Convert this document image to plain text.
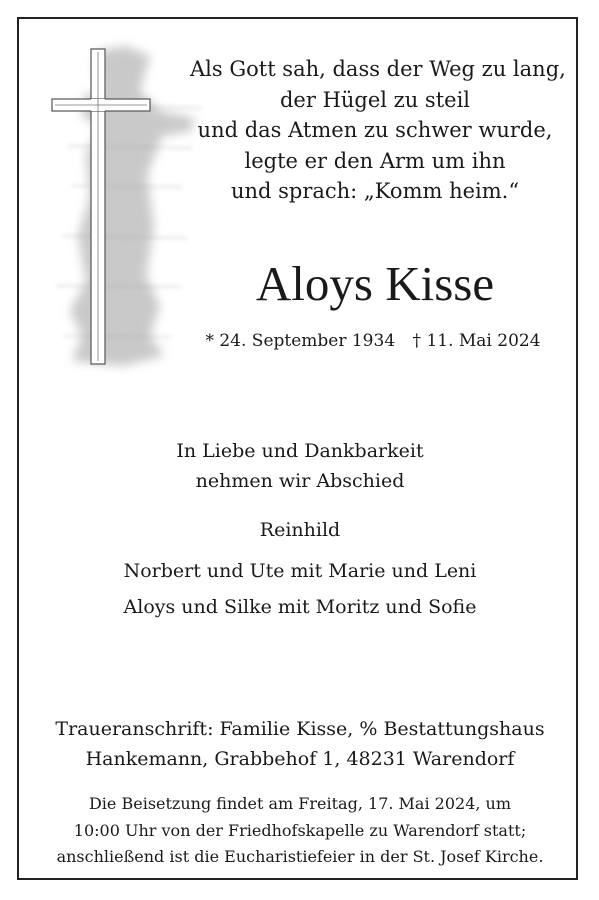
Als Gott sah, dass der Weg zu lang,
der Hügel zu steil
und das Atmen zu schwer wurde,
legte er den Arm um ihn
und sprach: „Komm heim.“
Aloys Kisse
* 24. September 1934 † 11. Mai 2024
In Liebe und Dankbarkeit
nehmen wir Abschied
Reinhild
Norbert und Ute mit Marie und Leni
Aloys und Silke mit Moritz und Sofie
Traueranschrift: Familie Kisse, % Bestattungshaus
Hankemann, Grabbehof 1, 48231 Warendorf
Die Beisetzung findet am Freitag, 17. Mai 2024, um
10:00 Uhr von der Friedhofskapelle zu Warendorf statt;
anschließend ist die Eucharistiefeier in der St. Josef Kirche.
